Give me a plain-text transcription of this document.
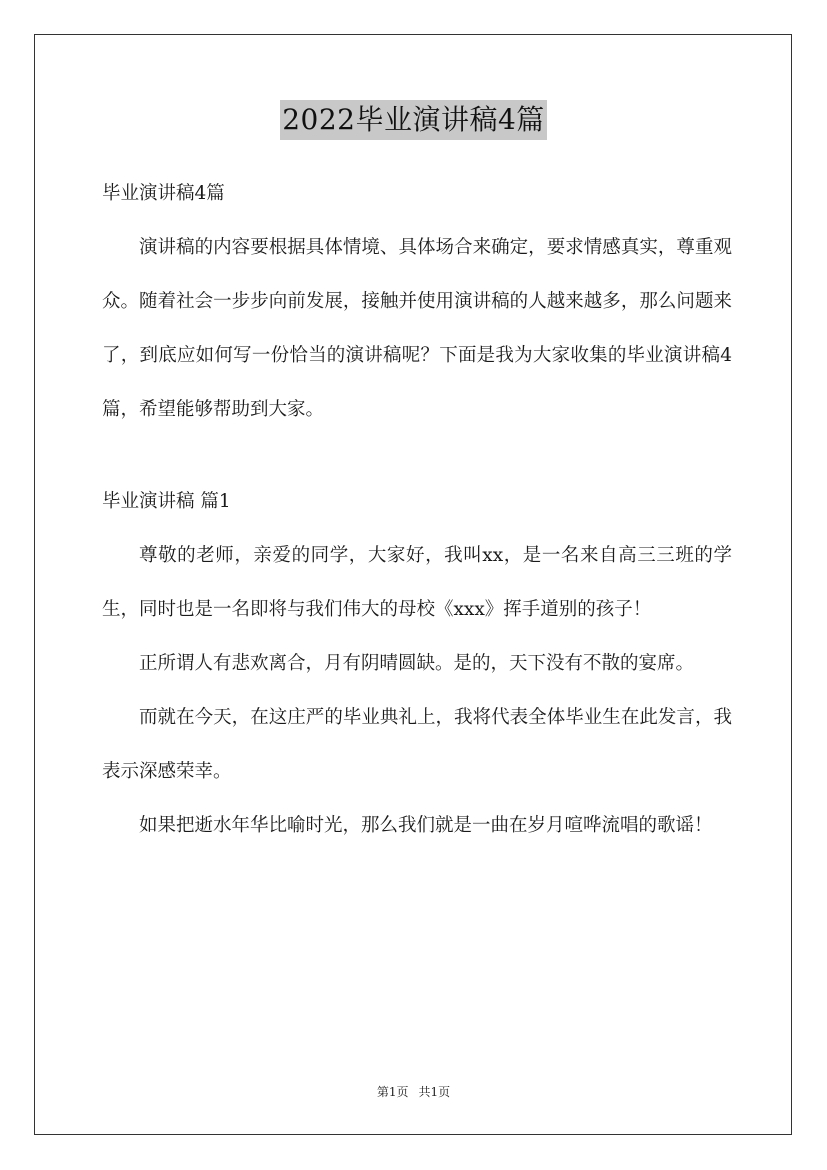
2022毕业演讲稿4篇

毕业演讲稿4篇

演讲稿的内容要根据具体情境、具体场合来确定，要求情感真实，尊重观众。随着社会一步步向前发展，接触并使用演讲稿的人越来越多，那么问题来了，到底应如何写一份恰当的演讲稿呢？下面是我为大家收集的毕业演讲稿4篇，希望能够帮助到大家。

毕业演讲稿 篇1

尊敬的老师，亲爱的同学，大家好，我叫xx，是一名来自高三三班的学生，同时也是一名即将与我们伟大的母校《xxx》挥手道别的孩子！

正所谓人有悲欢离合，月有阴晴圆缺。是的，天下没有不散的宴席。

而就在今天，在这庄严的毕业典礼上，我将代表全体毕业生在此发言，我表示深感荣幸。

如果把逝水年华比喻时光，那么我们就是一曲在岁月喧哗流唱的歌谣！

第1页 共1页
